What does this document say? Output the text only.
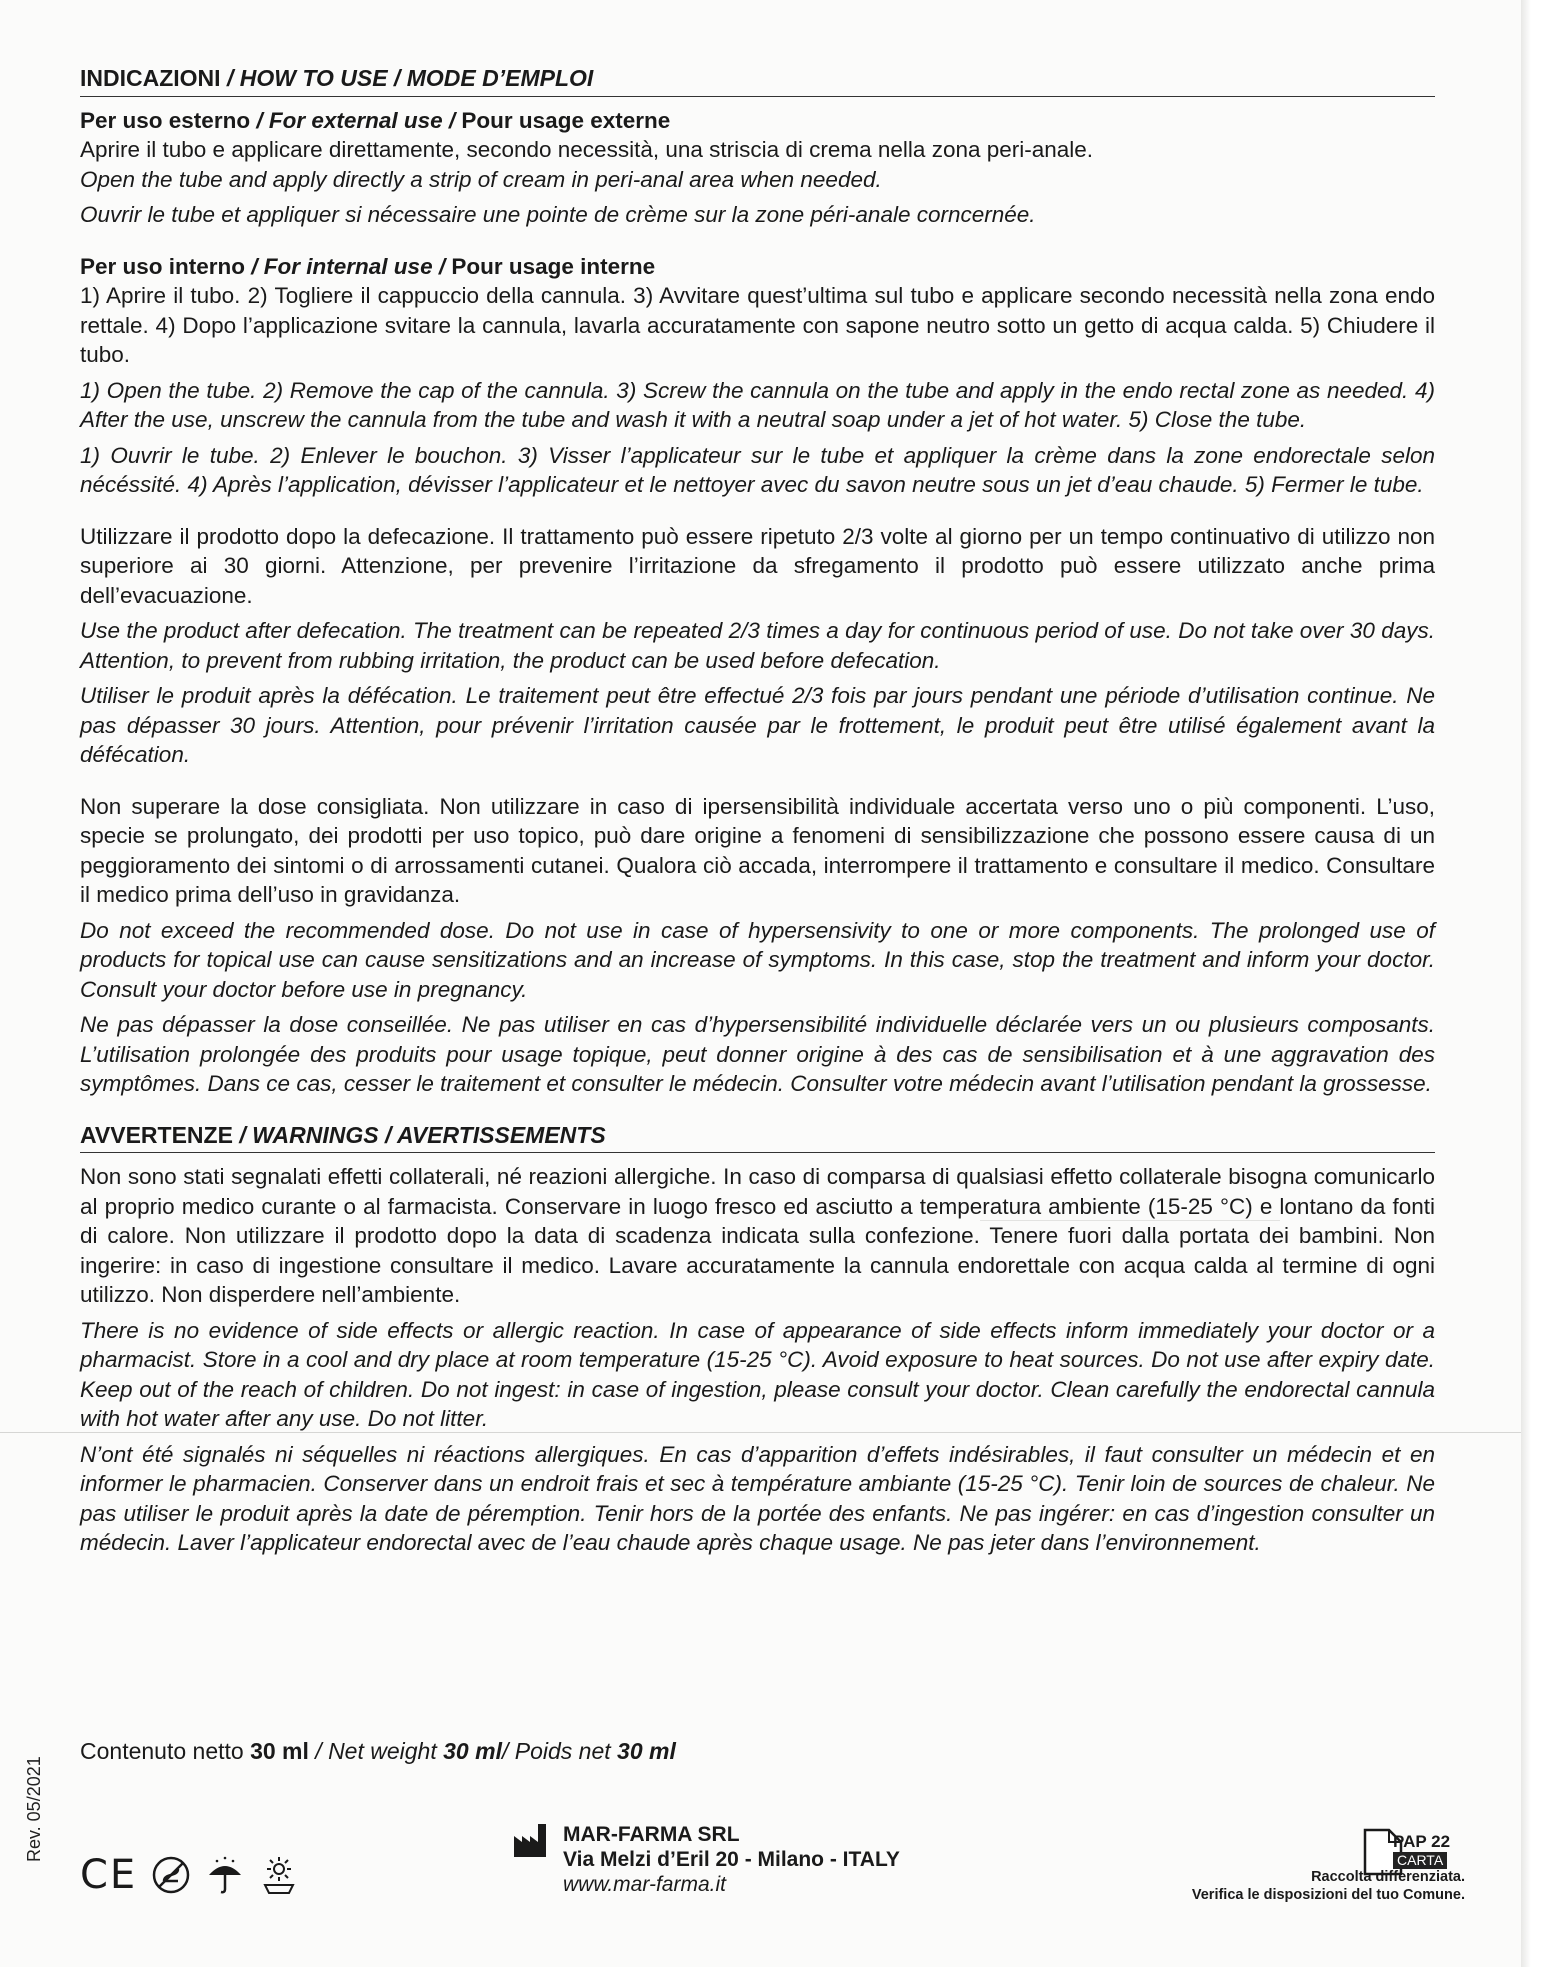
INDICAZIONI / HOW TO USE / MODE D’EMPLOI
Per uso esterno / For external use / Pour usage externe

Aprire il tubo e applicare direttamente, secondo necessità, una striscia di crema nella zona peri-anale.

Open the tube and apply directly a strip of cream in peri-anal area when needed.

Ouvrir le tube et appliquer si nécessaire une pointe de crème sur la zone péri-anale corncernée.

Per uso interno / For internal use / Pour usage interne

1) Aprire il tubo. 2) Togliere il cappuccio della cannula. 3) Avvitare quest’ultima sul tubo e applicare secondo necessità nella zona endo rettale. 4) Dopo l’applicazione svitare la cannula, lavarla accuratamente con sapone neutro sotto un getto di acqua calda. 5) Chiudere il tubo.

1) Open the tube. 2) Remove the cap of the cannula. 3) Screw the cannula on the tube and apply in the endo rectal zone as needed. 4) After the use, unscrew the cannula from the tube and wash it with a neutral soap under a jet of hot water. 5) Close the tube.

1) Ouvrir le tube. 2) Enlever le bouchon. 3) Visser l’applicateur sur le tube et appliquer la crème dans la zone endorectale selon nécéssité. 4) Après l’application, dévisser l’applicateur et le nettoyer avec du savon neutre sous un jet d’eau chaude. 5) Fermer le tube.

Utilizzare il prodotto dopo la defecazione. Il trattamento può essere ripetuto 2/3 volte al giorno per un tempo continuativo di utilizzo non superiore ai 30 giorni. Attenzione, per prevenire l’irritazione da sfregamento il prodotto può essere utilizzato anche prima dell’evacuazione.

Use the product after defecation. The treatment can be repeated 2/3 times a day for continuous period of use. Do not take over 30 days. Attention, to prevent from rubbing irritation, the product can be used before defecation.

Utiliser le produit après la défécation. Le traitement peut être effectué 2/3 fois par jours pendant une période d’utilisation continue. Ne pas dépasser 30 jours. Attention, pour prévenir l’irritation causée par le frottement, le produit peut être utilisé également avant la défécation.

Non superare la dose consigliata. Non utilizzare in caso di ipersensibilità individuale accertata verso uno o più componenti. L’uso, specie se prolungato, dei prodotti per uso topico, può dare origine a fenomeni di sensibilizzazione che possono essere causa di un peggioramento dei sintomi o di arrossamenti cutanei. Qualora ciò accada, interrompere il trattamento e consultare il medico. Consultare il medico prima dell’uso in gravidanza.

Do not exceed the recommended dose. Do not use in case of hypersensivity to one or more components. The prolonged use of products for topical use can cause sensitizations and an increase of symptoms. In this case, stop the treatment and inform your doctor. Consult your doctor before use in pregnancy.

Ne pas dépasser la dose conseillée. Ne pas utiliser en cas d’hypersensibilité individuelle déclarée vers un ou plusieurs composants. L’utilisation prolongée des produits pour usage topique, peut donner origine à des cas de sensibilisation et à une aggravation des symptômes. Dans ce cas, cesser le traitement et consulter le médecin. Consulter votre médecin avant l’utilisation pendant la grossesse.

AVVERTENZE / WARNINGS / AVERTISSEMENTS

Non sono stati segnalati effetti collaterali, né reazioni allergiche. In caso di comparsa di qualsiasi effetto collaterale bisogna comunicarlo al proprio medico curante o al farmacista. Conservare in luogo fresco ed asciutto a temperatura ambiente (15-25 °C) e lontano da fonti di calore. Non utilizzare il prodotto dopo la data di scadenza indicata sulla confezione. Tenere fuori dalla portata dei bambini. Non ingerire: in caso di ingestione consultare il medico. Lavare accuratamente la cannula endorettale con acqua calda al termine di ogni utilizzo. Non disperdere nell’ambiente.

There is no evidence of side effects or allergic reaction. In case of appearance of side effects inform immediately your doctor or a pharmacist. Store in a cool and dry place at room temperature (15-25 °C). Avoid exposure to heat sources. Do not use after expiry date. Keep out of the reach of children. Do not ingest: in case of ingestion, please consult your doctor. Clean carefully the endorectal cannula with hot water after any use. Do not litter.

N’ont été signalés ni séquelles ni réactions allergiques. En cas d’apparition d’effets indésirables, il faut consulter un médecin et en informer le pharmacien. Conserver dans un endroit frais et sec à température ambiante (15-25 °C). Tenir loin de sources de chaleur. Ne pas utiliser le produit après la date de péremption. Tenir hors de la portée des enfants. Ne pas ingérer: en cas d’ingestion consulter un médecin. Laver l’applicateur endorectal avec de l’eau chaude après chaque usage. Ne pas jeter dans l’environnement.

Contenuto netto 30 ml / Net weight 30 ml/ Poids net 30 ml
Rev. 05/2021
CE
MAR-FARMA SRL
Via Melzi d’Eril 20 - Milano - ITALY
www.mar-farma.it
PAP 22
CARTA
Raccolta differenziata.
Verifica le disposizioni del tuo Comune.
